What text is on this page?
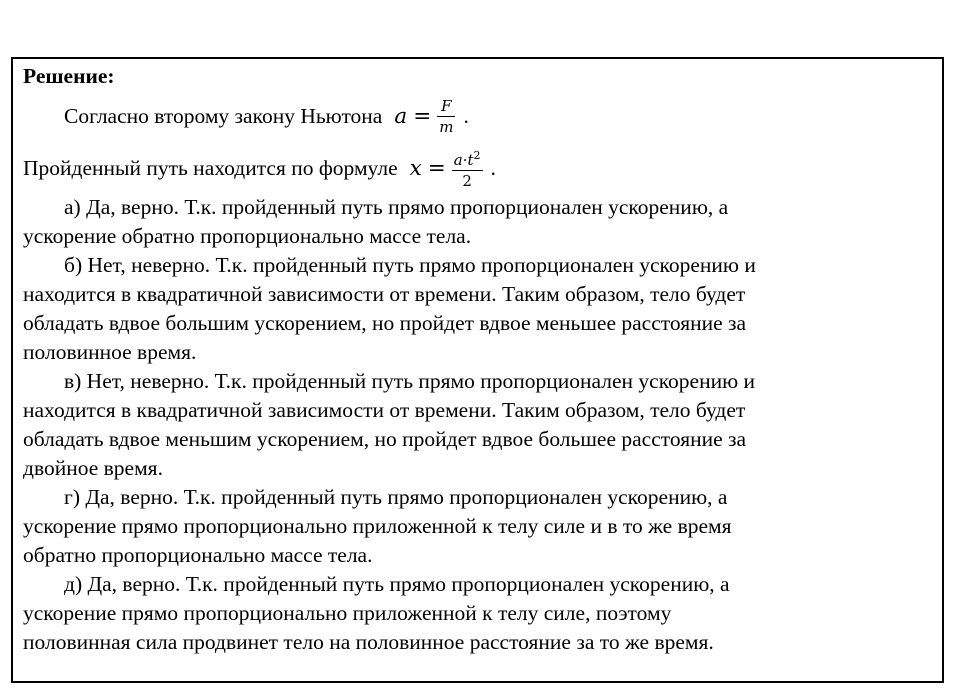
Решение:

Согласно второму закону Ньютона $a = \frac{F}{m}$ .
Пройденный путь находится по формуле $x = \frac{a\cdot t^2}{2}$ .

а) Да, верно. Т.к. пройденный путь прямо пропорционален ускорению, а

ускорение обратно пропорционально массе тела.

б) Нет, неверно. Т.к. пройденный путь прямо пропорционален ускорению и

находится в квадратичной зависимости от времени. Таким образом, тело будет

обладать вдвое большим ускорением, но пройдет вдвое меньшее расстояние за

половинное время.

в) Нет, неверно. Т.к. пройденный путь прямо пропорционален ускорению и

находится в квадратичной зависимости от времени. Таким образом, тело будет

обладать вдвое меньшим ускорением, но пройдет вдвое большее расстояние за

двойное время.

г) Да, верно. Т.к. пройденный путь прямо пропорционален ускорению, а

ускорение прямо пропорционально приложенной к телу силе и в то же время

обратно пропорционально массе тела.

д) Да, верно. Т.к. пройденный путь прямо пропорционален ускорению, а

ускорение прямо пропорционально приложенной к телу силе, поэтому

половинная сила продвинет тело на половинное расстояние за то же время.
